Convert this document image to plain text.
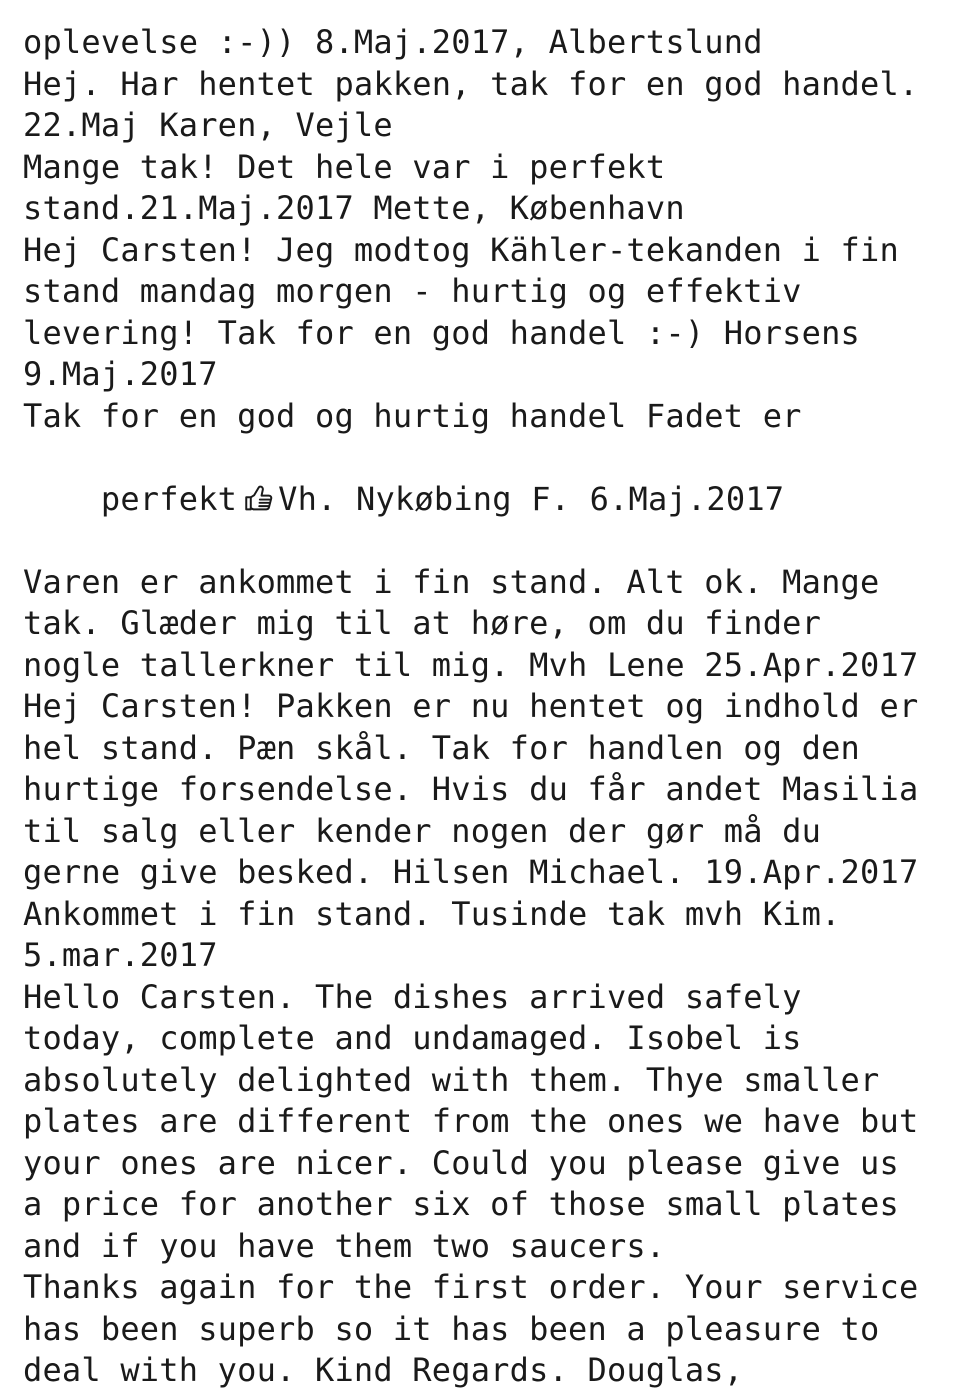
oplevelse :-)) 8.Maj.2017, Albertslund
Hej. Har hentet pakken, tak for en god handel.
22.Maj Karen, Vejle
Mange tak! Det hele var i perfekt
stand.21.Maj.2017 Mette, København
Hej Carsten! Jeg modtog Kähler-tekanden i fin
stand mandag morgen - hurtig og effektiv
levering! Tak for en god handel :-) Horsens
9.Maj.2017
Tak for en god og hurtig handel Fadet er

perfekt Vh. Nykøbing F. 6.Maj.2017

Varen er ankommet i fin stand. Alt ok. Mange
tak. Glæder mig til at høre, om du finder
nogle tallerkner til mig. Mvh Lene 25.Apr.2017
Hej Carsten! Pakken er nu hentet og indhold er
hel stand. Pæn skål. Tak for handlen og den
hurtige forsendelse. Hvis du får andet Masilia
til salg eller kender nogen der gør må du
gerne give besked. Hilsen Michael. 19.Apr.2017
Ankommet i fin stand. Tusinde tak mvh Kim.
5.mar.2017
Hello Carsten. The dishes arrived safely
today, complete and undamaged. Isobel is
absolutely delighted with them. Thye smaller
plates are different from the ones we have but
your ones are nicer. Could you please give us
a price for another six of those small plates
and if you have them two saucers.
Thanks again for the first order. Your service
has been superb so it has been a pleasure to
deal with you. Kind Regards. Douglas,
